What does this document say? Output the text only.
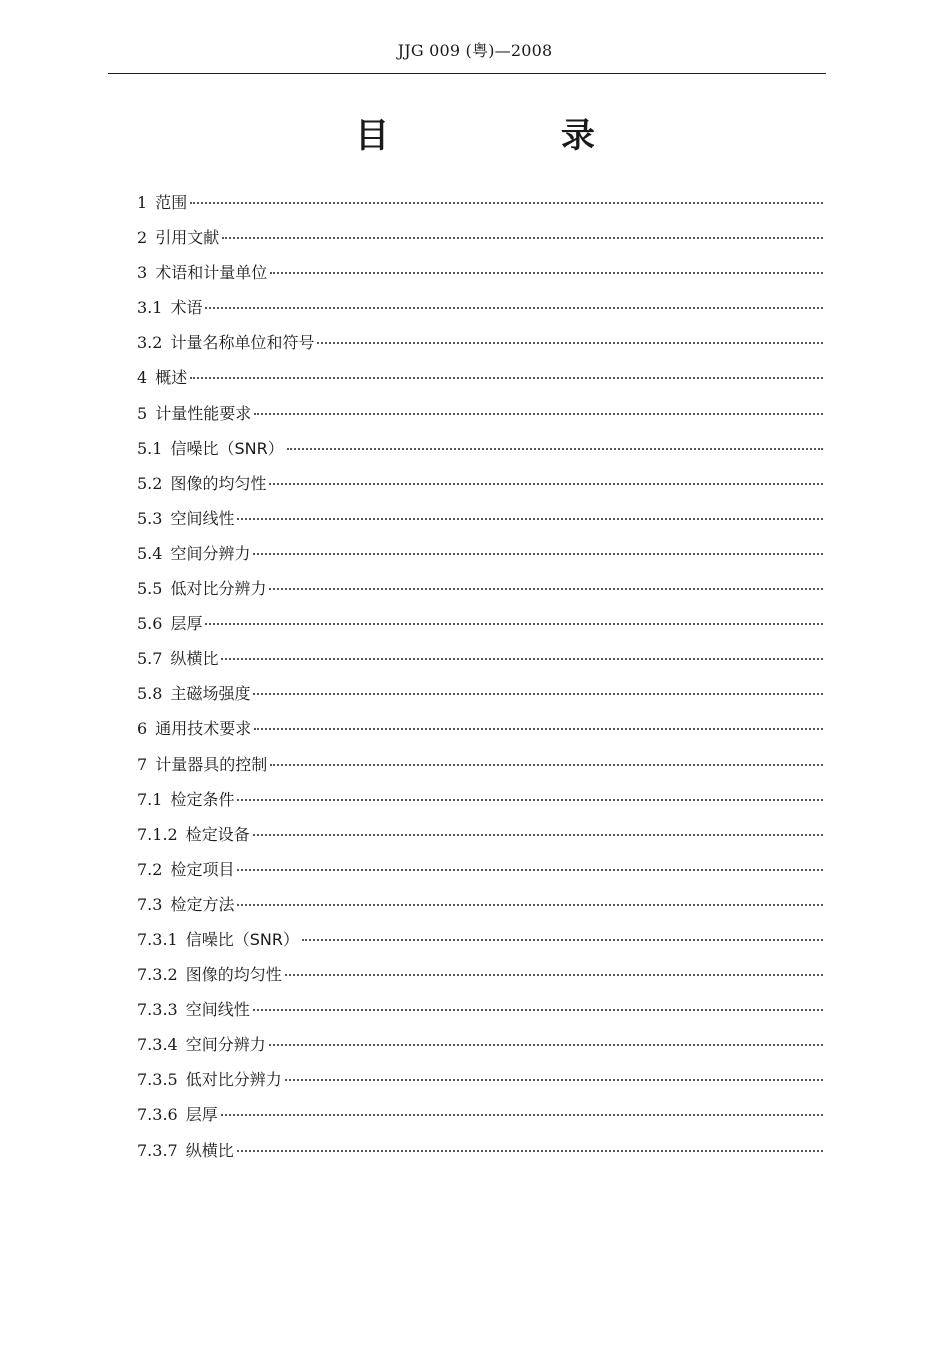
JJG 009 (粤)—2008
目 录
1 范围
2 引用文献
3 术语和计量单位
3.1 术语
3.2 计量名称单位和符号
4 概述
5 计量性能要求
5.1 信噪比（SNR）
5.2 图像的均匀性
5.3 空间线性
5.4 空间分辨力
5.5 低对比分辨力
5.6 层厚
5.7 纵横比
5.8 主磁场强度
6 通用技术要求
7 计量器具的控制
7.1 检定条件
7.1.2 检定设备
7.2 检定项目
7.3 检定方法
7.3.1 信噪比（SNR）
7.3.2 图像的均匀性
7.3.3 空间线性
7.3.4 空间分辨力
7.3.5 低对比分辨力
7.3.6 层厚
7.3.7 纵横比
